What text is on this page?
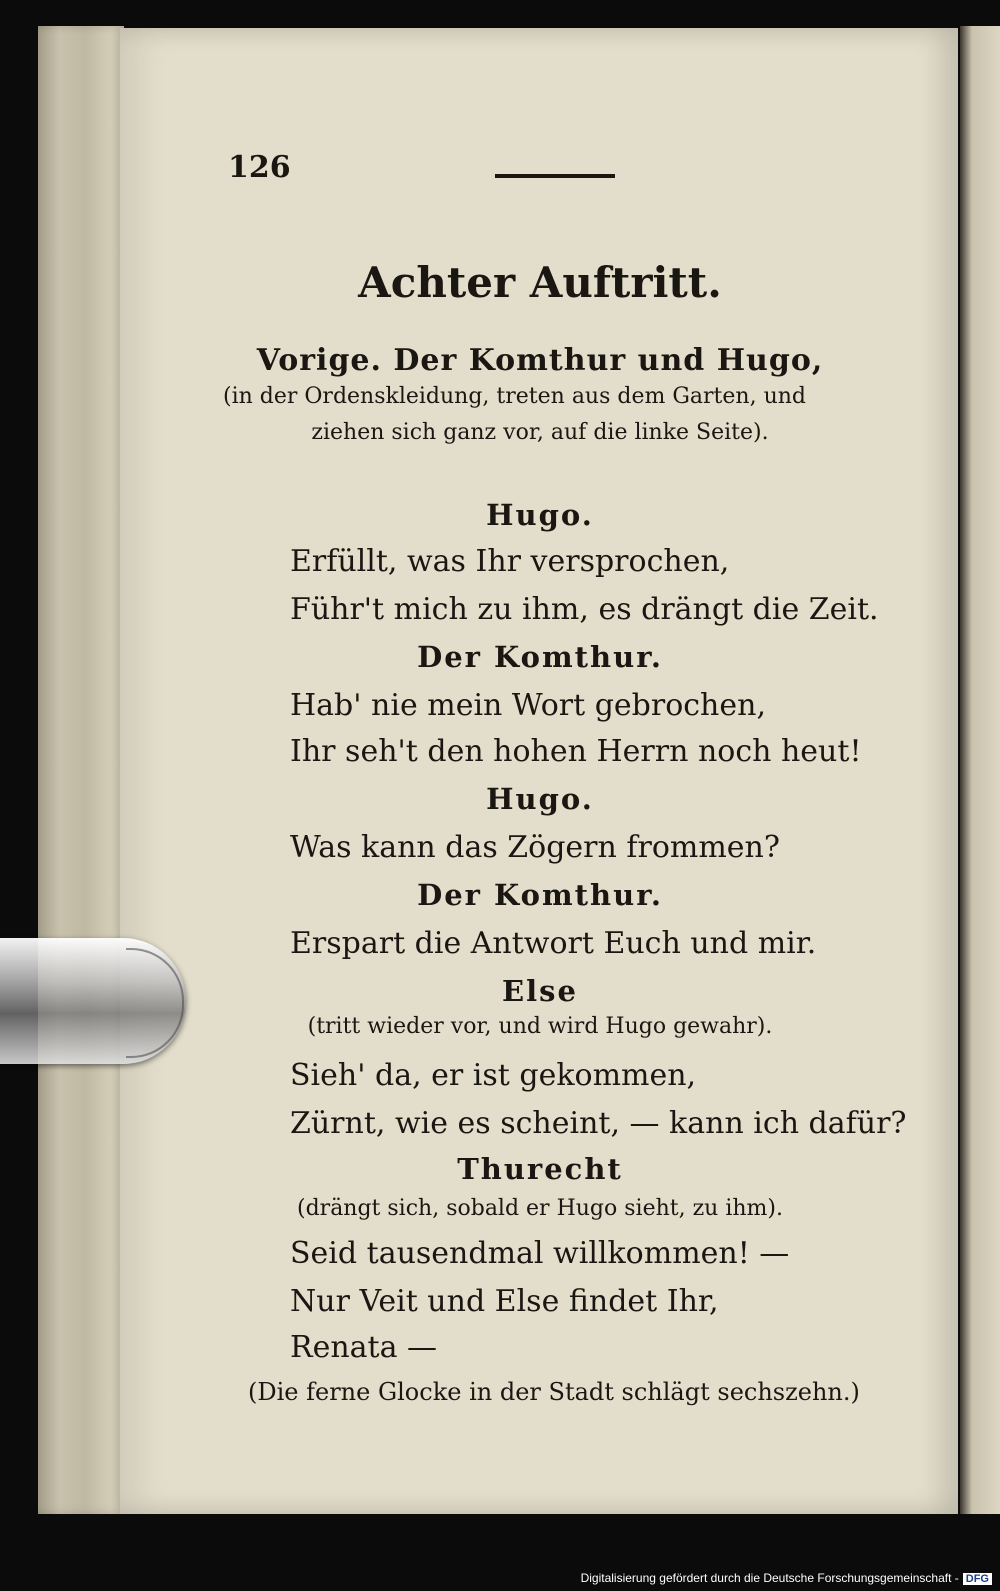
126
Achter Auftritt.
Vorige. Der Komthur und Hugo,
(in der Ordenskleidung, treten aus dem Garten, und
ziehen sich ganz vor, auf die linke Seite).
Hugo.
Erfüllt, was Ihr versprochen,
Führ't mich zu ihm, es drängt die Zeit.
Der Komthur.
Hab' nie mein Wort gebrochen,
Ihr seh't den hohen Herrn noch heut!
Hugo.
Was kann das Zögern frommen?
Der Komthur.
Erspart die Antwort Euch und mir.
Else
(tritt wieder vor, und wird Hugo gewahr).
Sieh' da, er ist gekommen,
Zürnt, wie es scheint, — kann ich dafür?
Thurecht
(drängt sich, sobald er Hugo sieht, zu ihm).
Seid tausendmal willkommen! —
Nur Veit und Else findet Ihr,
Renata —
(Die ferne Glocke in der Stadt schlägt sechszehn.)
Digitalisierung gefördert durch die Deutsche Forschungsgemeinschaft - DFG
